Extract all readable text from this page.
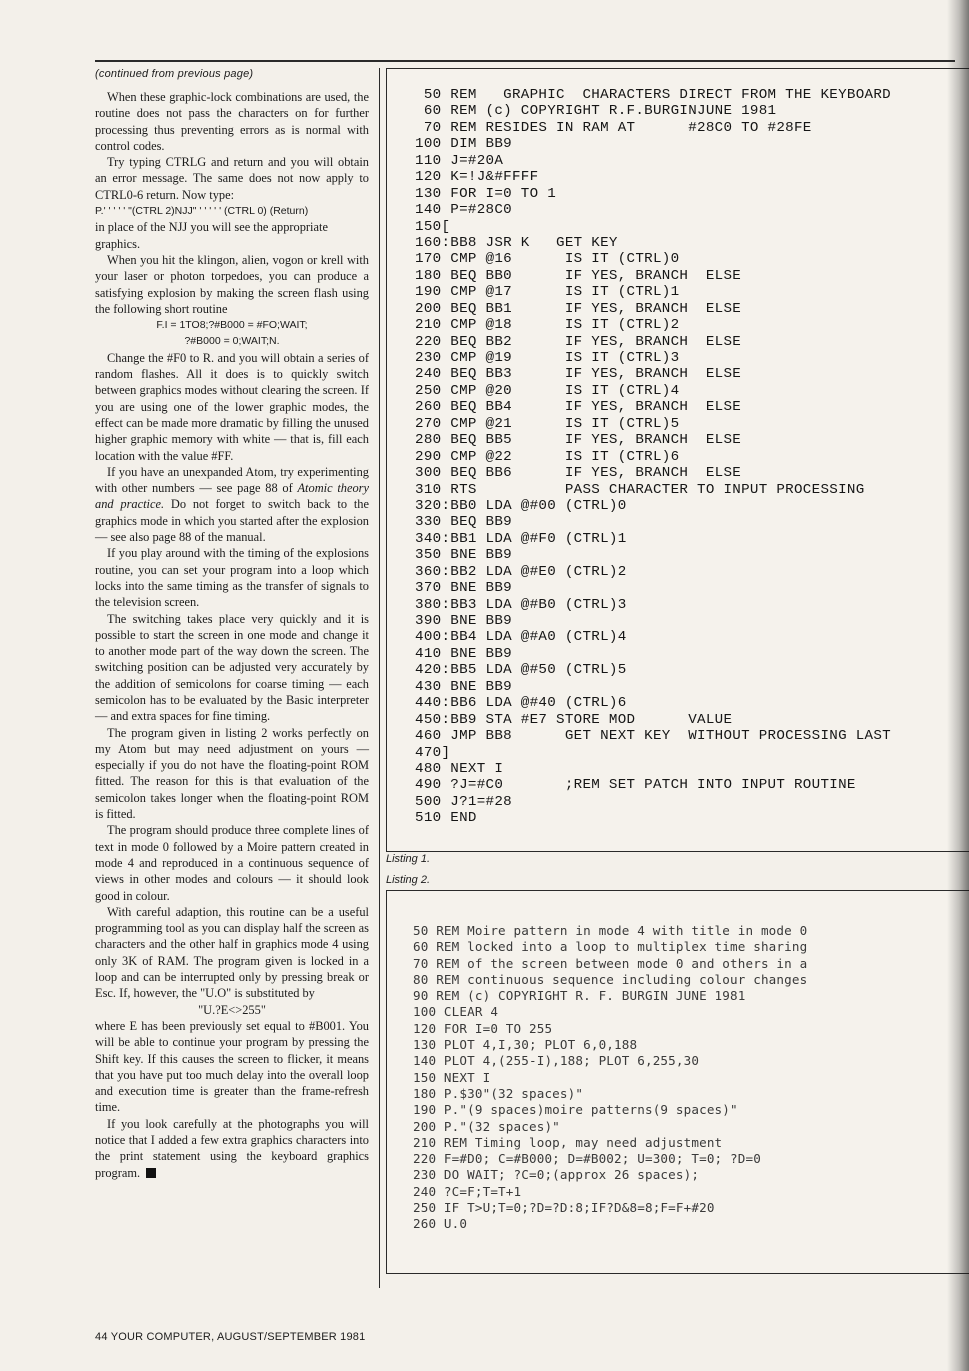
(continued from previous page)

When these graphic-lock combinations are used, the routine does not pass the characters on for further processing thus preventing errors as is normal with control codes.

Try typing CTRLG and return and you will obtain an error message. The same does not now apply to CTRL0-6 return. Now type:
P.' ' ' ' ' "(CTRL 2)NJJ" ' ' ' ' ' (CTRL 0) (Return)
in place of the NJJ you will see the appropriate graphics.

When you hit the klingon, alien, vogon or krell with your laser or photon torpedoes, you can produce a satisfying explosion by making the screen flash using the following short routine
F.I = 1TO8;?#B000 = #FO;WAIT;
?#B000 = 0;WAIT;N.

Change the #F0 to R. and you will obtain a series of random flashes. All it does is to quickly switch between graphics modes without clearing the screen. If you are using one of the lower graphic modes, the effect can be made more dramatic by filling the unused higher graphic memory with white — that is, fill each location with the value #FF.

If you have an unexpanded Atom, try experimenting with other numbers — see page 88 of Atomic theory and practice. Do not forget to switch back to the graphics mode in which you started after the explosion — see also page 88 of the manual.

If you play around with the timing of the explosions routine, you can set your program into a loop which locks into the same timing as the transfer of signals to the television screen.

The switching takes place very quickly and it is possible to start the screen in one mode and change it to another mode part of the way down the screen. The switching position can be adjusted very accurately by the addition of semicolons for coarse timing — each semicolon has to be evaluated by the Basic interpreter — and extra spaces for fine timing.

The program given in listing 2 works perfectly on my Atom but may need adjustment on yours — especially if you do not have the floating-point ROM fitted. The reason for this is that evaluation of the semicolon takes longer when the floating-point ROM is fitted.

The program should produce three complete lines of text in mode 0 followed by a Moire pattern created in mode 4 and reproduced in a continuous sequence of views in other modes and colours — it should look good in colour.

With careful adaption, this routine can be a useful programming tool as you can display half the screen as characters and the other half in graphics mode 4 using only 3K of RAM. The program given is locked in a loop and can be interrupted only by pressing break or Esc. If, however, the "U.O" is substituted by
"U.?E<>255"
where E has been previously set equal to #B001. You will be able to continue your program by pressing the Shift key. If this causes the screen to flicker, it means that you have put too much delay into the overall loop and execution time is greater than the frame-refresh time.

If you look carefully at the photographs you will notice that I added a few extra graphics characters into the print statement using the keyboard graphics program.

50 REM   GRAPHIC  CHARACTERS DIRECT FROM THE KEYBOARD
60 REM (c) COPYRIGHT R.F.BURGINJUNE 1981
70 REM RESIDES IN RAM AT      #28C0 TO #28FE
100 DIM BB9
110 J=#20A
120 K=!J&#FFFF
130 FOR I=0 TO 1
140 P=#28C0
150[
160:BB8 JSR K   GET KEY
170 CMP @16      IS IT (CTRL)0
180 BEQ BB0      IF YES, BRANCH  ELSE
190 CMP @17      IS IT (CTRL)1
200 BEQ BB1      IF YES, BRANCH  ELSE
210 CMP @18      IS IT (CTRL)2
220 BEQ BB2      IF YES, BRANCH  ELSE
230 CMP @19      IS IT (CTRL)3
240 BEQ BB3      IF YES, BRANCH  ELSE
250 CMP @20      IS IT (CTRL)4
260 BEQ BB4      IF YES, BRANCH  ELSE
270 CMP @21      IS IT (CTRL)5
280 BEQ BB5      IF YES, BRANCH  ELSE
290 CMP @22      IS IT (CTRL)6
300 BEQ BB6      IF YES, BRANCH  ELSE
310 RTS          PASS CHARACTER TO INPUT PROCESSING
320:BB0 LDA @#00 (CTRL)0
330 BEQ BB9
340:BB1 LDA @#F0 (CTRL)1
350 BNE BB9
360:BB2 LDA @#E0 (CTRL)2
370 BNE BB9
380:BB3 LDA @#B0 (CTRL)3
390 BNE BB9
400:BB4 LDA @#A0 (CTRL)4
410 BNE BB9
420:BB5 LDA @#50 (CTRL)5
430 BNE BB9
440:BB6 LDA @#40 (CTRL)6
450:BB9 STA #E7 STORE MOD      VALUE
460 JMP BB8      GET NEXT KEY  WITHOUT PROCESSING LAST
470]
480 NEXT I
490 ?J=#C0       ;REM SET PATCH INTO INPUT ROUTINE
500 J?1=#28
510 END
Listing 1.
Listing 2.
50 REM Moire pattern in mode 4 with title in mode 0
60 REM locked into a loop to multiplex time sharing
70 REM of the screen between mode 0 and others in a
80 REM continuous sequence including colour changes
90 REM (c) COPYRIGHT R. F. BURGIN JUNE 1981
100 CLEAR 4
120 FOR I=0 TO 255
130 PLOT 4,I,30; PLOT 6,0,188
140 PLOT 4,(255-I),188; PLOT 6,255,30
150 NEXT I
180 P.$30"(32 spaces)"
190 P."(9 spaces)moire patterns(9 spaces)"
200 P."(32 spaces)"
210 REM Timing loop, may need adjustment
220 F=#D0; C=#B000; D=#B002; U=300; T=0; ?D=0
230 DO WAIT; ?C=0;(approx 26 spaces);
240 ?C=F;T=T+1
250 IF T>U;T=0;?D=?D:8;IF?D&8=8;F=F+#20
260 U.0
44 YOUR COMPUTER, AUGUST/SEPTEMBER 1981
